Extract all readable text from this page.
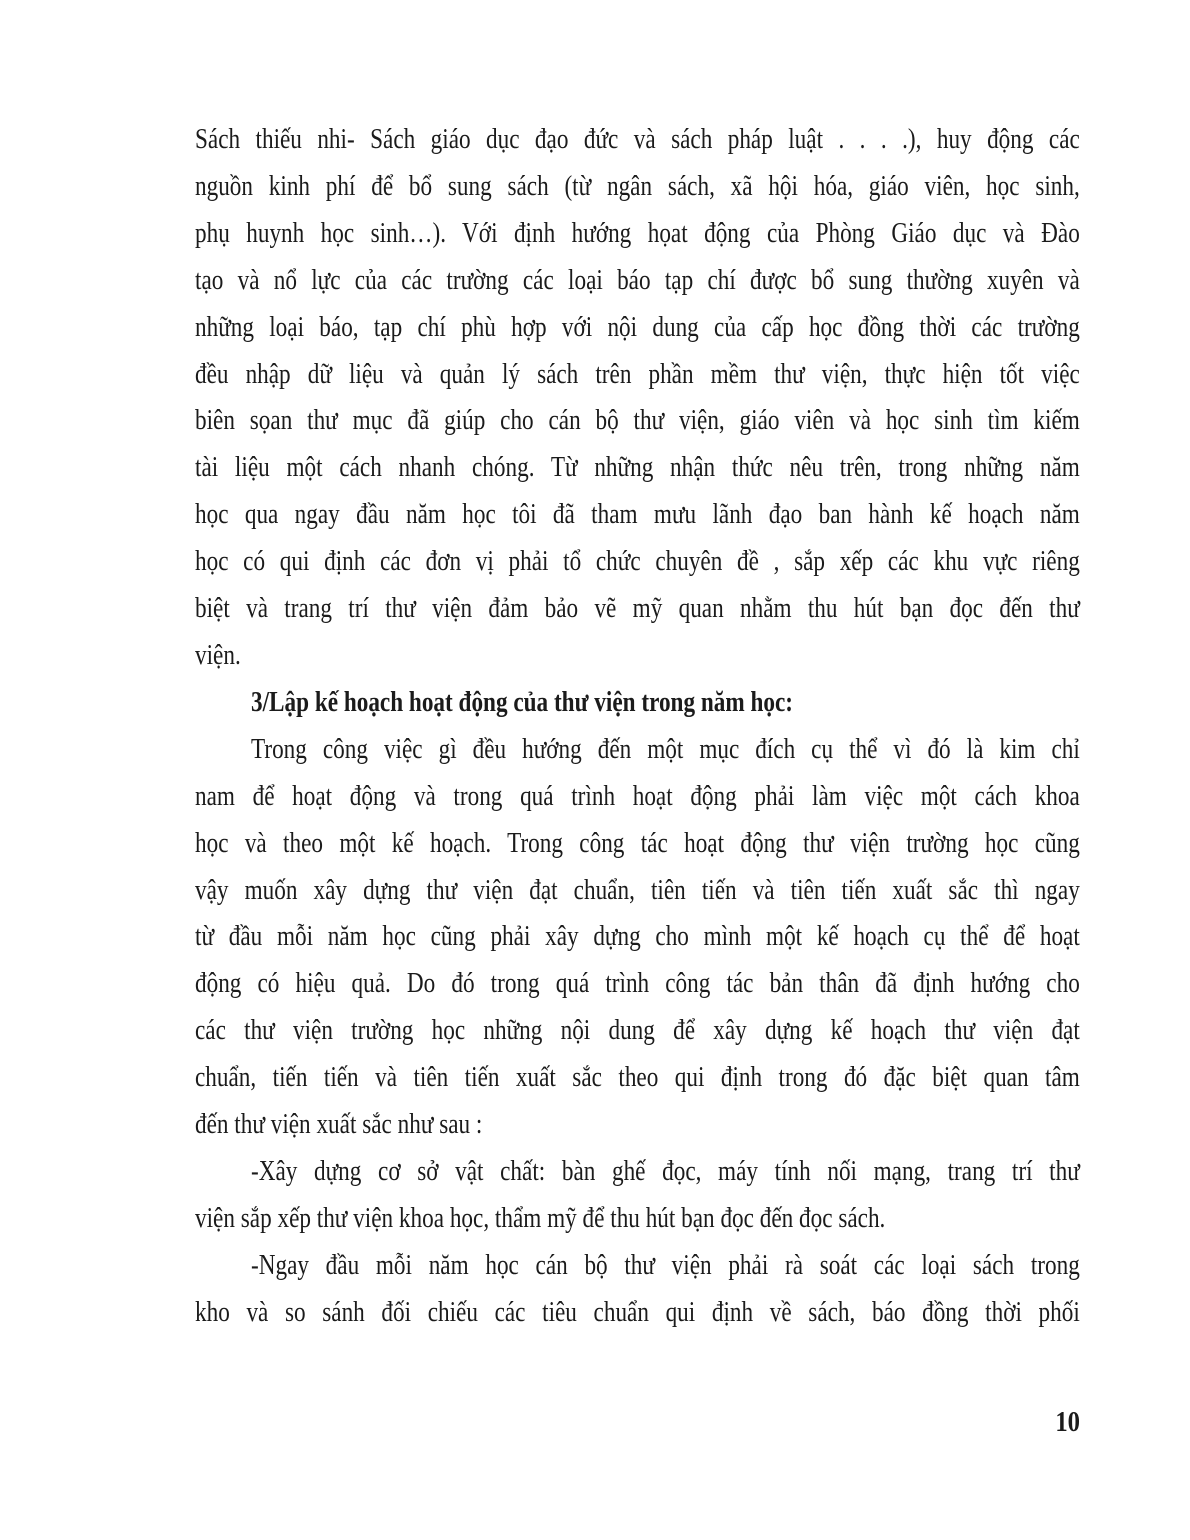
Sách thiếu nhi- Sách giáo dục đạo đức và sách pháp luật . . . .), huy động các
nguồn kinh phí để bổ sung sách (từ ngân sách, xã hội hóa, giáo viên, học sinh,
phụ huynh học sinh…). Với định hướng họat động của Phòng Giáo dục và Đào
tạo và nổ lực của các trường các loại báo tạp chí được bổ sung thường xuyên và
những loại báo, tạp chí phù hợp với nội dung của cấp học đồng thời các trường
đều nhập dữ liệu và quản lý sách trên phần mềm thư viện, thực hiện tốt việc
biên sọan thư mục đã giúp cho cán bộ thư viện, giáo viên và học sinh tìm kiếm
tài liệu một cách nhanh chóng. Từ những nhận thức nêu trên, trong những năm
học qua ngay đầu năm học tôi đã tham mưu lãnh đạo ban hành kế hoạch năm
học có qui định các đơn vị phải tổ chức chuyên đề , sắp xếp các khu vực riêng
biệt và trang trí thư viện đảm bảo vẽ mỹ quan nhằm thu hút bạn đọc đến thư
viện.
3/Lập kế hoạch hoạt động của thư viện trong năm học:
Trong công việc gì đều hướng đến một mục đích cụ thể vì đó là kim chỉ
nam để hoạt động và trong quá trình hoạt động phải làm việc một cách khoa
học và theo một kế hoạch. Trong công tác hoạt động thư viện trường học cũng
vậy muốn xây dựng thư viện đạt chuẩn, tiên tiến và tiên tiến xuất sắc thì ngay
từ đầu mỗi năm học cũng phải xây dựng cho mình một kế hoạch cụ thể để hoạt
động có hiệu quả. Do đó trong quá trình công tác bản thân đã định hướng cho
các thư viện trường học những nội dung để xây dựng kế hoạch thư viện đạt
chuẩn, tiến tiến và tiên tiến xuất sắc theo qui định trong đó đặc biệt quan tâm
đến thư viện xuất sắc như sau :
-Xây dựng cơ sở vật chất: bàn ghế đọc, máy tính nối mạng, trang trí thư
viện sắp xếp thư viện khoa học, thẩm mỹ để thu hút bạn đọc đến đọc sách.
-Ngay đầu mỗi năm học cán bộ thư viện phải rà soát các loại sách trong
kho và so sánh đối chiếu các tiêu chuẩn qui định về sách, báo đồng thời phối
10
